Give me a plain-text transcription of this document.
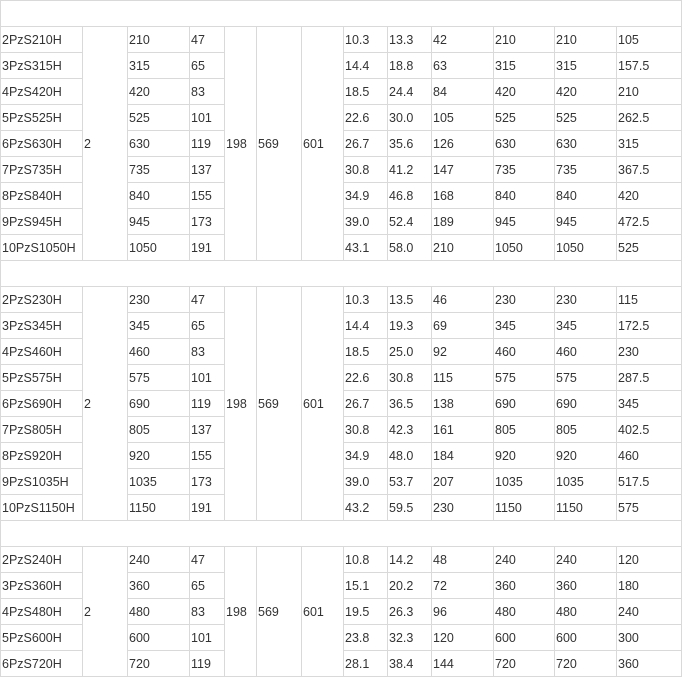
2PzS210H	2	210	47	198	569	601	10.3	13.3	42	210	210	105
3PzS315H		315	65				14.4	18.8	63	315	315	157.5
4PzS420H		420	83				18.5	24.4	84	420	420	210
5PzS525H		525	101				22.6	30.0	105	525	525	262.5
6PzS630H		630	119				26.7	35.6	126	630	630	315
7PzS735H		735	137				30.8	41.2	147	735	735	367.5
8PzS840H		840	155				34.9	46.8	168	840	840	420
9PzS945H		945	173				39.0	52.4	189	945	945	472.5
10PzS1050H		1050	191				43.1	58.0	210	1050	1050	525

2PzS230H	2	230	47	198	569	601	10.3	13.5	46	230	230	115
3PzS345H		345	65				14.4	19.3	69	345	345	172.5
4PzS460H		460	83				18.5	25.0	92	460	460	230
5PzS575H		575	101				22.6	30.8	115	575	575	287.5
6PzS690H		690	119				26.7	36.5	138	690	690	345
7PzS805H		805	137				30.8	42.3	161	805	805	402.5
8PzS920H		920	155				34.9	48.0	184	920	920	460
9PzS1035H		1035	173				39.0	53.7	207	1035	1035	517.5
10PzS1150H		1150	191				43.2	59.5	230	1150	1150	575

2PzS240H	2	240	47	198	569	601	10.8	14.2	48	240	240	120
3PzS360H		360	65				15.1	20.2	72	360	360	180
4PzS480H		480	83				19.5	26.3	96	480	480	240
5PzS600H		600	101				23.8	32.3	120	600	600	300
6PzS720H		720	119				28.1	38.4	144	720	720	360
